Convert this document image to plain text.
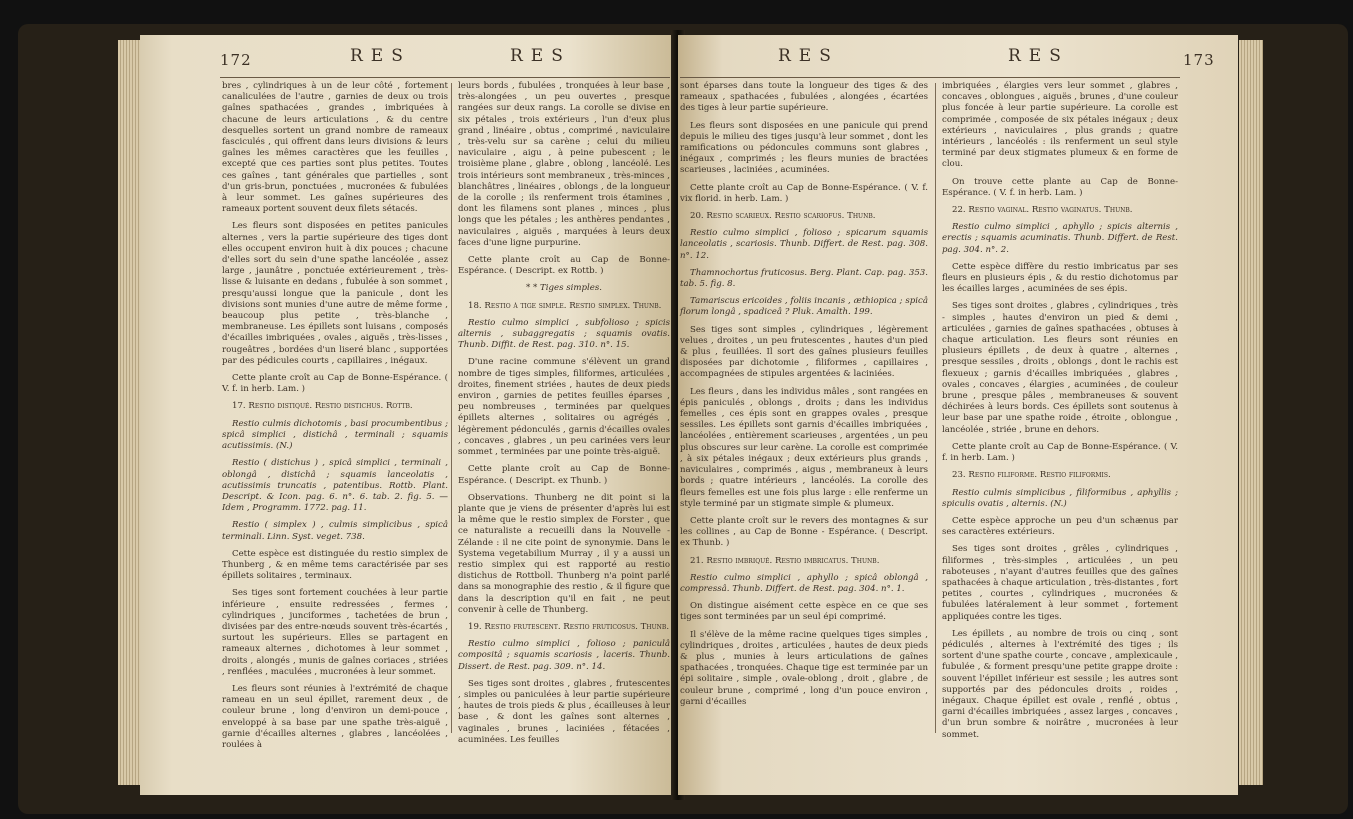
172	RES	RES

bres , cylindriques à un de leur côté , fortement canaliculées de l'autre , garnies de deux ou trois gaînes spathacées , grandes , imbriquées à chacune de leurs articulations , & du centre desquelles sortent un grand nombre de rameaux fasciculés , qui offrent dans leurs divisions & leurs gaînes les mêmes caractères que les feuilles , excepté que ces parties sont plus petites. Toutes ces gaînes , tant générales que partielles , sont d'un gris-brun, ponctuées , mucronées & fubulées à leur sommet. Les gaînes supérieures des rameaux portent souvent deux filets sétacés.

Les fleurs sont disposées en petites panicules alternes , vers la partie supérieure des tiges dont elles occupent environ huit à dix pouces ; chacune d'elles sort du sein d'une spathe lancéolée , assez large , jaunâtre , ponctuée extérieurement , très-lisse & luisante en dedans , fubulée à son sommet , presqu'aussi longue que la panicule , dont les divisions sont munies d'une autre de même forme , beaucoup plus petite , très-blanche , membraneuse. Les épillets sont luisans , composés d'écailles imbriquées , ovales , aiguës , très-lisses , rougeâtres , bordées d'un liseré blanc , supportées par des pédicules courts , capillaires , inégaux.

Cette plante croît au Cap de Bonne-Espérance. ( V. f. in herb. Lam. )

17. Restio distiqué. Restio distichus. Rottb.

Restio culmis dichotomis , basi procumbentibus ; spicâ simplici , distichâ , terminali ; squamis acutissimis. (N.)

Restio ( distichus ) , spicâ simplici , terminali , oblongâ , distichâ ; squamis lanceolatis , acutissimis truncatis , patentibus. Rottb. Plant. Descript. & Icon. pag. 6. n°. 6. tab. 2. fig. 5. — Idem , Programm. 1772. pag. 11.

Restio ( simplex ) , culmis simplicibus , spicâ terminali. Linn. Syst. veget. 738.

Cette espèce est distinguée du restio simplex de Thunberg , & en même tems caractérisée par ses épillets solitaires , terminaux.

Ses tiges sont fortement couchées à leur partie inférieure , ensuite redressées , fermes , cylindriques , junciformes , tachetées de brun , divisées par des entre-nœuds souvent très-écartés , surtout les supérieurs. Elles se partagent en rameaux alternes , dichotomes à leur sommet , droits , alongés , munis de gaînes coriaces , striées , renflées , maculées , mucronées à leur sommet.

Les fleurs sont réunies à l'extrémité de chaque rameau en un seul épillet, rarement deux , de couleur brune , long d'environ un demi-pouce , enveloppé à sa base par une spathe très-aiguë , garnie d'écailles alternes , glabres , lancéolées , roulées à

leurs bords , fubulées , tronquées à leur base , très-alongées , un peu ouvertes , presque rangées sur deux rangs. La corolle se divise en six pétales , trois extérieurs , l'un d'eux plus grand , linéaire , obtus , comprimé , naviculaire , très-velu sur sa carène ; celui du milieu naviculaire , aigu , à peine pubescent ; le troisième plane , glabre , oblong , lancéolé. Les trois intérieurs sont membraneux , très-minces , blanchâtres , linéaires , oblongs , de la longueur de la corolle ; ils renferment trois étamines , dont les filamens sont planes , minces , plus longs que les pétales ; les anthères pendantes , naviculaires , aiguës , marquées à leurs deux faces d'une ligne purpurine.

Cette plante croît au Cap de Bonne-Espérance. ( Descript. ex Rottb. )

* * Tiges simples.

18. Restio à tige simple. Restio simplex. Thunb.

Restio culmo simplici , subfolioso ; spicis alternis , subaggregatis ; squamis ovatis. Thunb. Diffit. de Rest. pag. 310. n°. 15.

D'une racine commune s'élèvent un grand nombre de tiges simples, filiformes, articulées , droites, finement striées , hautes de deux pieds environ , garnies de petites feuilles éparses , peu nombreuses , terminées par quelques épillets alternes , solitaires ou agrégés , légèrement pédonculés , garnis d'écailles ovales , concaves , glabres , un peu carinées vers leur sommet , terminées par une pointe très-aiguë.

Cette plante croît au Cap de Bonne-Espérance. ( Descript. ex Thunb. )

Observations. Thunberg ne dit point si la plante que je viens de présenter d'après lui est la même que le restio simplex de Forster , que ce naturaliste a recueilli dans la Nouvelle - Zélande : il ne cite point de synonymie. Dans le Systema vegetabilium Murray , il y a aussi un restio simplex qui est rapporté au restio distichus de Rottboll. Thunberg n'a point parlé dans sa monographie des restio , & il figure que dans la description qu'il en fait , ne peut convenir à celle de Thunberg.

19. Restio frutescent. Restio fruticosus. Thunb.

Restio culmo simplici , folioso ; paniculâ compositâ ; squamis scariosis , laceris. Thunb. Dissert. de Rest. pag. 309. n°. 14.

Ses tiges sont droites , glabres , frutescentes , simples ou paniculées à leur partie supérieure , hautes de trois pieds & plus , écailleuses à leur base , & dont les gaînes sont alternes , vaginales , brunes , laciniées , fétacées , acuminées. Les feuilles

RES	RES	173

sont éparses dans toute la longueur des tiges & des rameaux , spathacées , fubulées , alongées , écartées des tiges à leur partie supérieure.

Les fleurs sont disposées en une panicule qui prend depuis le milieu des tiges jusqu'à leur sommet , dont les ramifications ou pédoncules communs sont glabres , inégaux , comprimés ; les fleurs munies de bractées scarieuses , laciniées , acuminées.

Cette plante croît au Cap de Bonne-Espérance. ( V. f. vix florid. in herb. Lam. )

20. Restio scarieux. Restio scariofus. Thunb.

Restio culmo simplici , folioso ; spicarum squamis lanceolatis , scariosis. Thunb. Differt. de Rest. pag. 308. n°. 12.

Thamnochortus fruticosus. Berg. Plant. Cap. pag. 353. tab. 5. fig. 8.

Tamariscus ericoides , foliis incanis , æthiopica ; spicâ florum longâ , spadiceâ ? Pluk. Amalth. 199.

Ses tiges sont simples , cylindriques , légèrement velues , droites , un peu frutescentes , hautes d'un pied & plus , feuillées. Il sort des gaînes plusieurs feuilles disposées par dichotomie , filiformes , capillaires , accompagnées de stipules argentées & laciniées.

Les fleurs , dans les individus mâles , sont rangées en épis paniculés , oblongs , droits ; dans les individus femelles , ces épis sont en grappes ovales , presque sessiles. Les épillets sont garnis d'écailles imbriquées , lancéolées , entièrement scarieuses , argentées , un peu plus obscures sur leur carène. La corolle est comprimée , à six pétales inégaux ; deux extérieurs plus grands , naviculaires , comprimés , aigus , membraneux à leurs bords ; quatre intérieurs , lancéolés. La corolle des fleurs femelles est une fois plus large : elle renferme un style terminé par un stigmate simple & plumeux.

Cette plante croît sur le revers des montagnes & sur les collines , au Cap de Bonne - Espérance. ( Descript. ex Thunb. )

21. Restio imbriqué. Restio imbricatus. Thunb.

Restio culmo simplici , aphyllo ; spicâ oblongâ , compressâ. Thunb. Differt. de Rest. pag. 304. n°. 1.

On distingue aisément cette espèce en ce que ses tiges sont terminées par un seul épi comprimé.

Il s'élève de la même racine quelques tiges simples , cylindriques , droites , articulées , hautes de deux pieds & plus , munies à leurs articulations de gaînes spathacées , tronquées. Chaque tige est terminée par un épi solitaire , simple , ovale-oblong , droit , glabre , de couleur brune , comprimé , long d'un pouce environ , garni d'écailles

imbriquées , élargies vers leur sommet , glabres , concaves , oblongues , aiguës , brunes , d'une couleur plus foncée à leur partie supérieure. La corolle est comprimée , composée de six pétales inégaux ; deux extérieurs , naviculaires , plus grands ; quatre intérieurs , lancéolés : ils renferment un seul style terminé par deux stigmates plumeux & en forme de clou.

On trouve cette plante au Cap de Bonne-Espérance. ( V. f. in herb. Lam. )

22. Restio vaginal. Restio vaginatus. Thunb.

Restio culmo simplici , aphyllo ; spicis alternis , erectis ; squamis acuminatis. Thunb. Differt. de Rest. pag. 304. n°. 2.

Cette espèce diffère du restio imbricatus par ses fleurs en plusieurs épis , & du restio dichotomus par les écailles larges , acuminées de ses épis.

Ses tiges sont droites , glabres , cylindriques , très - simples , hautes d'environ un pied & demi , articulées , garnies de gaînes spathacées , obtuses à chaque articulation. Les fleurs sont réunies en plusieurs épillets , de deux à quatre , alternes , presque sessiles , droits , oblongs , dont le rachis est flexueux ; garnis d'écailles imbriquées , glabres , ovales , concaves , élargies , acuminées , de couleur brune , presque pâles , membraneuses & souvent déchirées à leurs bords. Ces épillets sont soutenus à leur base par une spathe roide , étroite , oblongue , lancéolée , striée , brune en dehors.

Cette plante croît au Cap de Bonne-Espérance. ( V. f. in herb. Lam. )

23. Restio filiforme. Restio filiformis.

Restio culmis simplicibus , filiformibus , aphyllis ; spiculis ovatis , alternis. (N.)

Cette espèce approche un peu d'un schænus par ses caractères extérieurs.

Ses tiges sont droites , grêles , cylindriques , filiformes , très-simples , articulées , un peu raboteuses , n'ayant d'autres feuilles que des gaînes spathacées à chaque articulation , très-distantes , fort petites , courtes , cylindriques , mucronées & fubulées latéralement à leur sommet , fortement appliquées contre les tiges.

Les épillets , au nombre de trois ou cinq , sont pédiculés , alternes à l'extrémité des tiges ; ils sortent d'une spathe courte , concave , amplexicaule , fubulée , & forment presqu'une petite grappe droite : souvent l'épillet inférieur est sessile ; les autres sont supportés par des pédoncules droits , roides , inégaux. Chaque épillet est ovale , renflé , obtus , garni d'écailles imbriquées , assez larges , concaves , d'un brun sombre & noirâtre , mucronées à leur sommet.
